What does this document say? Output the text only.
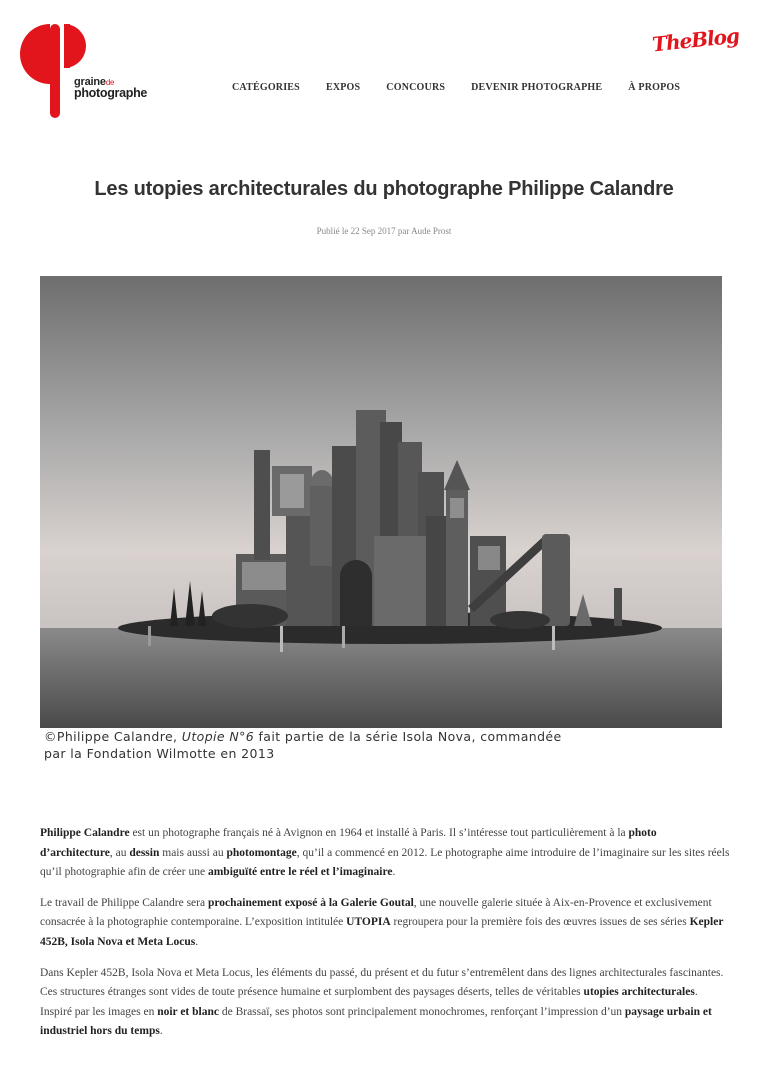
grainede
photographe	CATÉGORIES	EXPOS	CONCOURS	DEVENIR PHOTOGRAPHE	À PROPOS
TheBlog
Les utopies architecturales du photographe Philippe Calandre
Publié le 22 Sep 2017 par Aude Prost
©Philippe Calandre, Utopie N°6 fait partie de la série Isola Nova, commandée
par la Fondation Wilmotte en 2013

Philippe Calandre est un photographe français né à Avignon en 1964 et installé à Paris. Il s’intéresse tout particulièrement à la photo d’architecture, au dessin mais aussi au photomontage, qu’il a commencé en 2012. Le photographe aime introduire de l’imaginaire sur les sites réels qu’il photographie afin de créer une ambiguïté entre le réel et l’imaginaire.

Le travail de Philippe Calandre sera prochainement exposé à la Galerie Goutal, une nouvelle galerie située à Aix-en-Provence et exclusivement consacrée à la photographie contemporaine. L’exposition intitulée UTOPIA regroupera pour la première fois des œuvres issues de ses séries Kepler 452B, Isola Nova et Meta Locus.

Dans Kepler 452B, Isola Nova et Meta Locus, les éléments du passé, du présent et du futur s’entremêlent dans des lignes architecturales fascinantes. Ces structures étranges sont vides de toute présence humaine et surplombent des paysages déserts, telles de véritables utopies architecturales. Inspiré par les images en noir et blanc de Brassaï, ses photos sont principalement monochromes, renforçant l’impression d’un paysage urbain et industriel hors du temps.
